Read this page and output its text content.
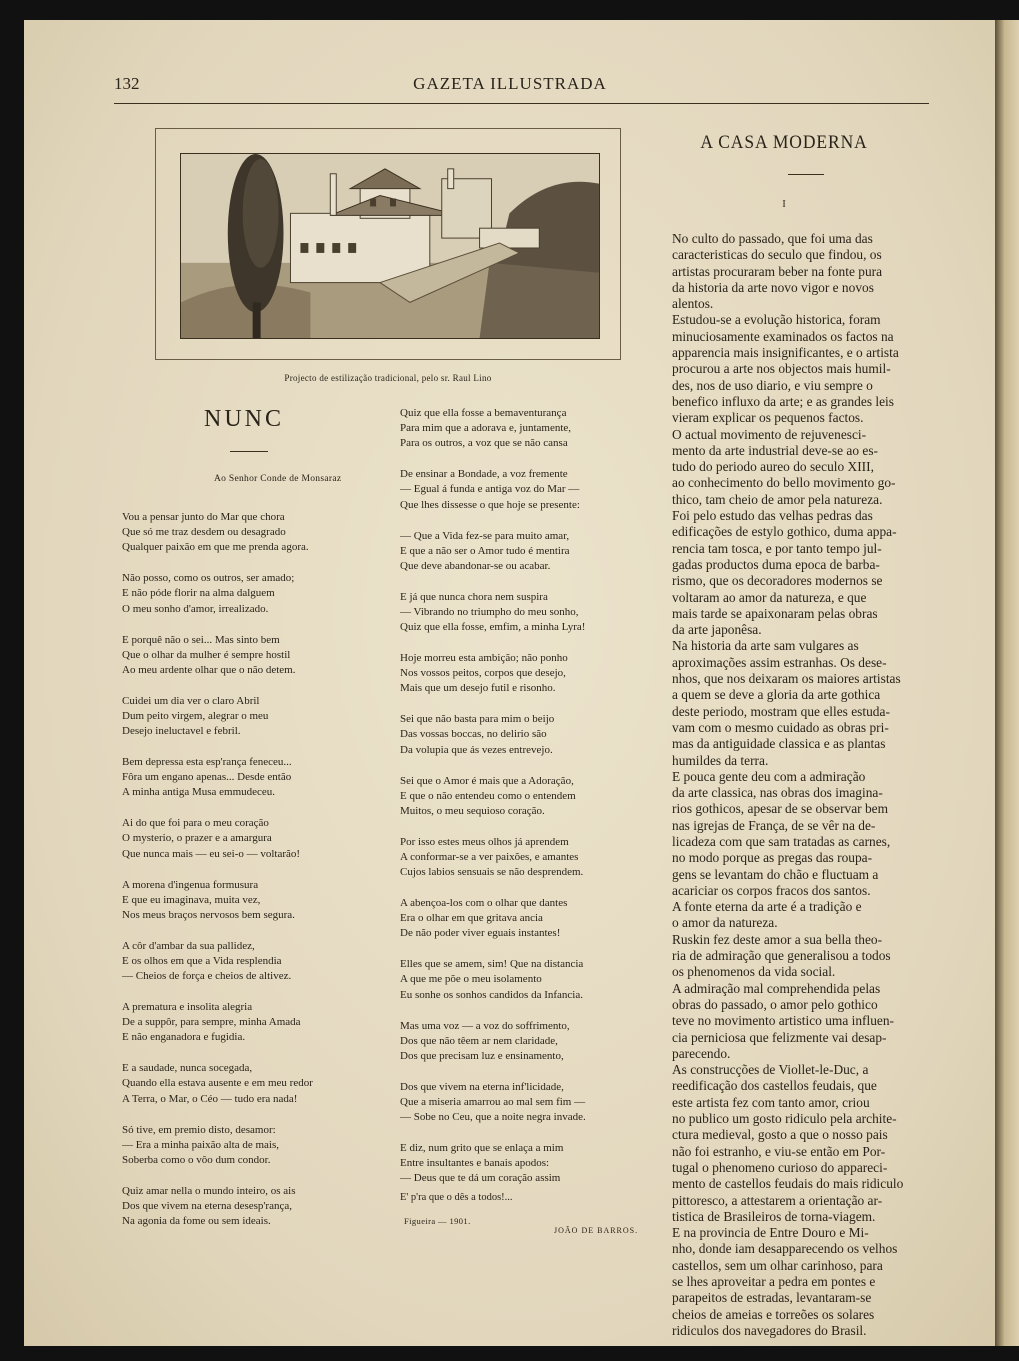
132	GAZETA ILLUSTRADA
Projecto de estilização tradicional, pelo sr. Raul Lino
NUNC
Ao Senhor Conde de Monsaraz
Vou a pensar junto do Mar que chora
Que só me traz desdem ou desagrado
Qualquer paixão em que me prenda agora.
Não posso, como os outros, ser amado;
E não póde florir na alma dalguem
O meu sonho d'amor, irrealizado.
E porquê não o sei... Mas sinto bem
Que o olhar da mulher é sempre hostil
Ao meu ardente olhar que o não detem.
Cuidei um dia ver o claro Abril
Dum peito virgem, alegrar o meu
Desejo ineluctavel e febril.
Bem depressa esta esp'rança feneceu...
Fôra um engano apenas... Desde então
A minha antiga Musa emmudeceu.
Ai do que foi para o meu coração
O mysterio, o prazer e a amargura
Que nunca mais — eu sei-o — voltarão!
A morena d'ingenua formusura
E que eu imaginava, muita vez,
Nos meus braços nervosos bem segura.
A côr d'ambar da sua pallidez,
E os olhos em que a Vida resplendia
— Cheios de força e cheios de altivez.
A prematura e insolita alegria
De a suppôr, para sempre, minha Amada
E não enganadora e fugidia.
E a saudade, nunca socegada,
Quando ella estava ausente e em meu redor
A Terra, o Mar, o Céo — tudo era nada!
Só tive, em premio disto, desamor:
— Era a minha paixão alta de mais,
Soberba como o vôo dum condor.
Quiz amar nella o mundo inteiro, os ais
Dos que vivem na eterna desesp'rança,
Na agonia da fome ou sem ideais.
Quiz que ella fosse a bemaventurança
Para mim que a adorava e, juntamente,
Para os outros, a voz que se não cansa
De ensinar a Bondade, a voz fremente
— Egual á funda e antiga voz do Mar —
Que lhes dissesse o que hoje se presente:
— Que a Vida fez-se para muito amar,
E que a não ser o Amor tudo é mentira
Que deve abandonar-se ou acabar.
E já que nunca chora nem suspira
— Vibrando no triumpho do meu sonho,
Quiz que ella fosse, emfim, a minha Lyra!
Hoje morreu esta ambição; não ponho
Nos vossos peitos, corpos que desejo,
Mais que um desejo futil e risonho.
Sei que não basta para mim o beijo
Das vossas boccas, no delirio são
Da volupia que ás vezes entrevejo.
Sei que o Amor é mais que a Adoração,
E que o não entendeu como o entendem
Muitos, o meu sequioso coração.
Por isso estes meus olhos já aprendem
A conformar-se a ver paixões, e amantes
Cujos labios sensuais se não desprendem.
A abençoa-los com o olhar que dantes
Era o olhar em que gritava ancia
De não poder viver eguais instantes!
Elles que se amem, sim! Que na distancia
A que me põe o meu isolamento
Eu sonhe os sonhos candidos da Infancia.
Mas uma voz — a voz do soffrimento,
Dos que não têem ar nem claridade,
Dos que precisam luz e ensinamento,
Dos que vivem na eterna inf'licidade,
Que a miseria amarrou ao mal sem fim —
— Sobe no Ceu, que a noite negra invade.
E diz, num grito que se enlaça a mim
Entre insultantes e banais apodos:
— Deus que te dá um coração assim
E' p'ra que o dês a todos!...
Figueira — 1901.
JOÃO DE BARROS.
A CASA MODERNA
I
No culto do passado, que foi uma das
caracteristicas do seculo que findou, os
artistas procuraram beber na fonte pura
da historia da arte novo vigor e novos
alentos.
Estudou-se a evolução historica, foram
minuciosamente examinados os factos na
apparencia mais insignificantes, e o artista
procurou a arte nos objectos mais humil-
des, nos de uso diario, e viu sempre o
benefico influxo da arte; e as grandes leis
vieram explicar os pequenos factos.
O actual movimento de rejuvenesci-
mento da arte industrial deve-se ao es-
tudo do periodo aureo do seculo XIII,
ao conhecimento do bello movimento go-
thico, tam cheio de amor pela natureza.
Foi pelo estudo das velhas pedras das
edificações de estylo gothico, duma appa-
rencia tam tosca, e por tanto tempo jul-
gadas productos duma epoca de barba-
rismo, que os decoradores modernos se
voltaram ao amor da natureza, e que
mais tarde se apaixonaram pelas obras
da arte japonêsa.
Na historia da arte sam vulgares as
aproximações assim estranhas. Os dese-
nhos, que nos deixaram os maiores artistas
a quem se deve a gloria da arte gothica
deste periodo, mostram que elles estuda-
vam com o mesmo cuidado as obras pri-
mas da antiguidade classica e as plantas
humildes da terra.
E pouca gente deu com a admiração
da arte classica, nas obras dos imagina-
rios gothicos, apesar de se observar bem
nas igrejas de França, de se vêr na de-
licadeza com que sam tratadas as carnes,
no modo porque as pregas das roupa-
gens se levantam do chão e fluctuam a
acariciar os corpos fracos dos santos.
A fonte eterna da arte é a tradição e
o amor da natureza.
Ruskin fez deste amor a sua bella theo-
ria de admiração que generalisou a todos
os phenomenos da vida social.
A admiração mal comprehendida pelas
obras do passado, o amor pelo gothico
teve no movimento artistico uma influen-
cia perniciosa que felizmente vai desap-
parecendo.
As construcções de Viollet-le-Duc, a
reedificação dos castellos feudais, que
este artista fez com tanto amor, criou
no publico um gosto ridiculo pela archite-
ctura medieval, gosto a que o nosso pais
não foi estranho, e viu-se então em Por-
tugal o phenomeno curioso do appareci-
mento de castellos feudais do mais ridiculo
pittoresco, a attestarem a orientação ar-
tistica de Brasileiros de torna-viagem.
E na provincia de Entre Douro e Mi-
nho, donde iam desapparecendo os velhos
castellos, sem um olhar carinhoso, para
se lhes aproveitar a pedra em pontes e
parapeitos de estradas, levantaram-se
cheios de ameias e torreões os solares
ridiculos dos navegadores do Brasil.
